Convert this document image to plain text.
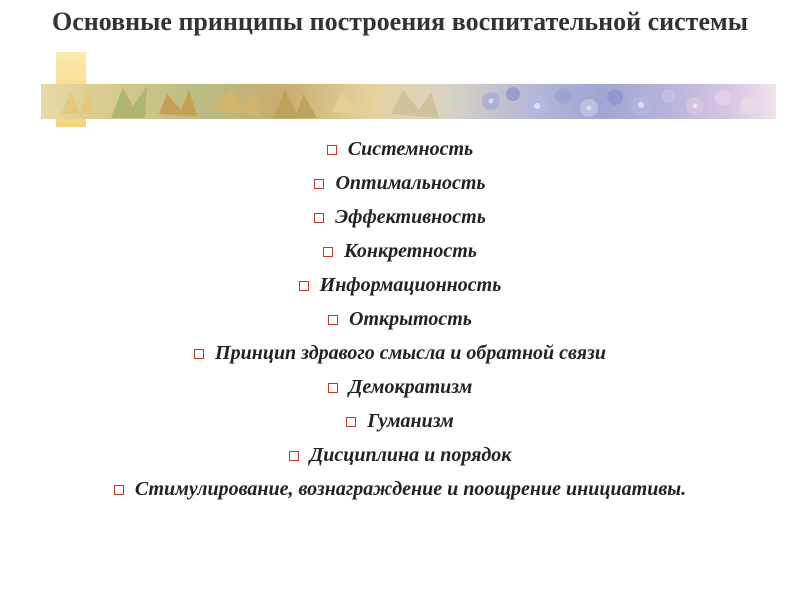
Основные принципы построения воспитательной системы
Системность
Оптимальность
Эффективность
Конкретность
Информационность
Открытость
Принцип здравого смысла и обратной связи
Демократизм
Гуманизм
Дисциплина и порядок
Стимулирование, вознаграждение и поощрение инициативы.
